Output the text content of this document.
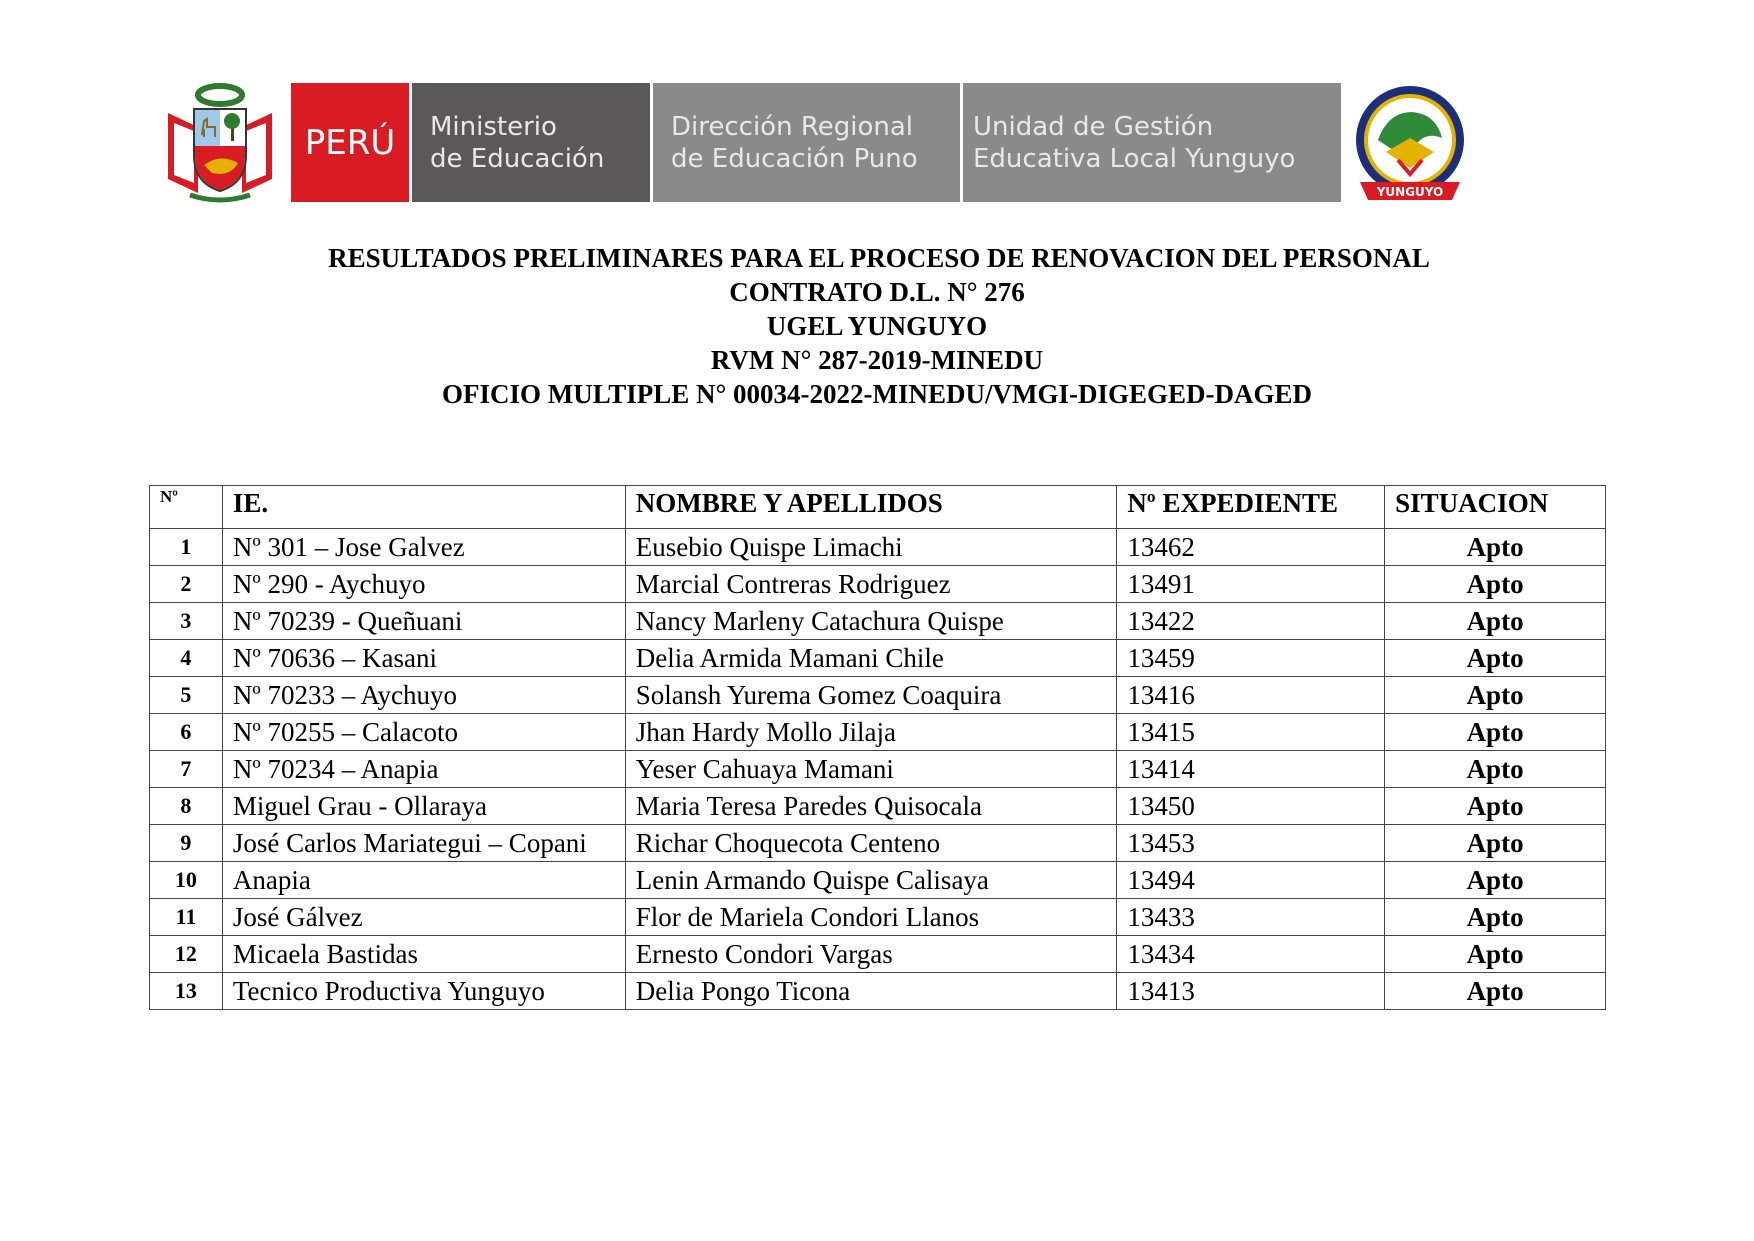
PERÚ Ministerio
de Educación
Dirección Regional
de Educación Puno
Unidad de Gestión
Educativa Local Yunguyo
YUNGUYO
RESULTADOS PRELIMINARES PARA EL PROCESO DE RENOVACION DEL PERSONAL
CONTRATO D.L. N° 276
UGEL YUNGUYO
RVM N° 287-2019-MINEDU
OFICIO MULTIPLE N° 00034-2022-MINEDU/VMGI-DIGEGED-DAGED
Nº	IE.	NOMBRE Y APELLIDOS	Nº EXPEDIENTE	SITUACION
1	Nº 301 – Jose Galvez	Eusebio Quispe Limachi	13462	Apto
2	Nº 290 - Aychuyo	Marcial Contreras Rodriguez	13491	Apto
3	Nº 70239 - Queñuani	Nancy Marleny Catachura Quispe	13422	Apto
4	Nº 70636 – Kasani	Delia Armida Mamani Chile	13459	Apto
5	Nº 70233 – Aychuyo	Solansh Yurema Gomez Coaquira	13416	Apto
6	Nº 70255 – Calacoto	Jhan Hardy Mollo Jilaja	13415	Apto
7	Nº 70234 – Anapia	Yeser Cahuaya Mamani	13414	Apto
8	Miguel Grau - Ollaraya	Maria Teresa Paredes Quisocala	13450	Apto
9	José Carlos Mariategui – Copani	Richar Choquecota Centeno	13453	Apto
10	Anapia	Lenin Armando Quispe Calisaya	13494	Apto
11	José Gálvez	Flor de Mariela Condori Llanos	13433	Apto
12	Micaela Bastidas	Ernesto Condori Vargas	13434	Apto
13	Tecnico Productiva Yunguyo	Delia Pongo Ticona	13413	Apto
